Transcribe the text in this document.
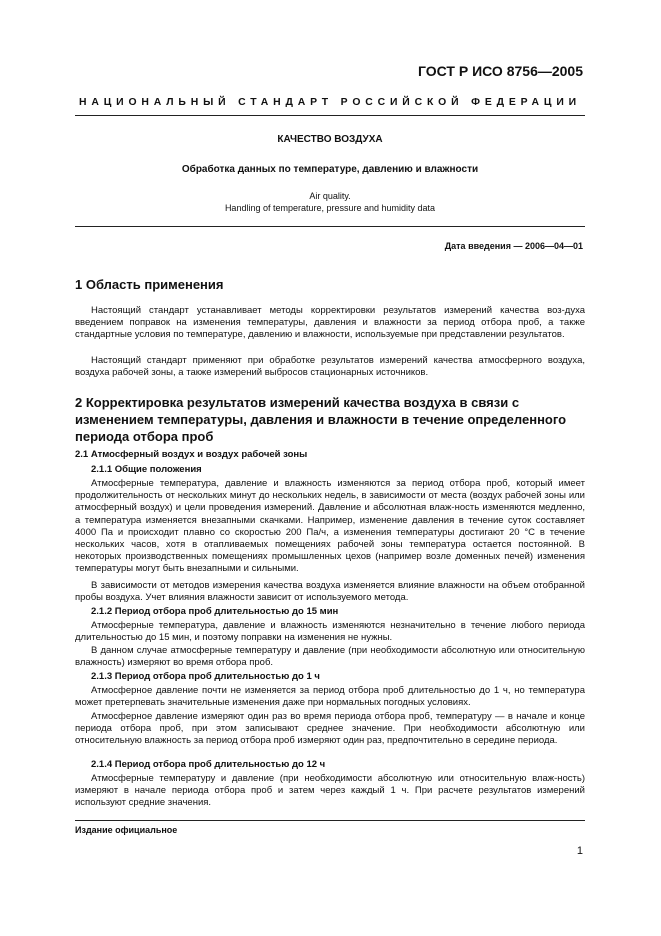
ГОСТ Р ИСО 8756—2005
НАЦИОНАЛЬНЫЙ СТАНДАРТ РОССИЙСКОЙ ФЕДЕРАЦИИ
КАЧЕСТВО ВОЗДУХА
Обработка данных по температуре, давлению и влажности
Air quality.
Handling of temperature, pressure and humidity data
Дата введения — 2006—04—01
1 Область применения

Настоящий стандарт устанавливает методы корректировки результатов измерений качества воз-духа введением поправок на изменения температуры, давления и влажности за период отбора проб, а также стандартные условия по температуре, давлению и влажности, используемые при представлении результатов.

Настоящий стандарт применяют при обработке результатов измерений качества атмосферного воздуха, воздуха рабочей зоны, а также измерений выбросов стационарных источников.

2 Корректировка результатов измерений качества воздуха в связи с изменением температуры, давления и влажности в течение определенного периода отбора проб
2.1 Атмосферный воздух и воздух рабочей зоны
2.1.1 Общие положения

Атмосферные температура, давление и влажность изменяются за период отбора проб, который имеет продолжительность от нескольких минут до нескольких недель, в зависимости от места (воздух рабочей зоны или атмосферный воздух) и цели проведения измерений. Давление и абсолютная влаж-ность изменяются медленно, а температура изменяется внезапными скачками. Например, изменение давления в течение суток составляет 4000 Па и происходит плавно со скоростью 200 Па/ч, а изменения температуры достигают 20 °С в течение нескольких часов, хотя в отапливаемых помещениях рабочей зоны температура остается постоянной. В некоторых производственных помещениях промышленных цехов (например возле доменных печей) изменения температуры могут быть внезапными и сильными.

В зависимости от методов измерения качества воздуха изменяется влияние влажности на объем отобранной пробы воздуха. Учет влияния влажности зависит от используемого метода.

2.1.2 Период отбора проб длительностью до 15 мин

Атмосферные температура, давление и влажность изменяются незначительно в течение любого периода длительностью до 15 мин, и поэтому поправки на изменения не нужны.

В данном случае атмосферные температуру и давление (при необходимости абсолютную или относительную влажность) измеряют во время отбора проб.

2.1.3 Период отбора проб длительностью до 1 ч

Атмосферное давление почти не изменяется за период отбора проб длительностью до 1 ч, но температура может претерпевать значительные изменения даже при нормальных погодных условиях.

Атмосферное давление измеряют один раз во время периода отбора проб, температуру — в начале и конце периода отбора проб, при этом записывают среднее значение. При необходимости абсолютную или относительную влажность за период отбора проб измеряют один раз, предпочтительно в середине периода.

2.1.4 Период отбора проб длительностью до 12 ч

Атмосферные температуру и давление (при необходимости абсолютную или относительную влаж-ность) измеряют в начале периода отбора проб и затем через каждый 1 ч. При расчете результатов измерений используют средние значения.

Издание официальное
1
